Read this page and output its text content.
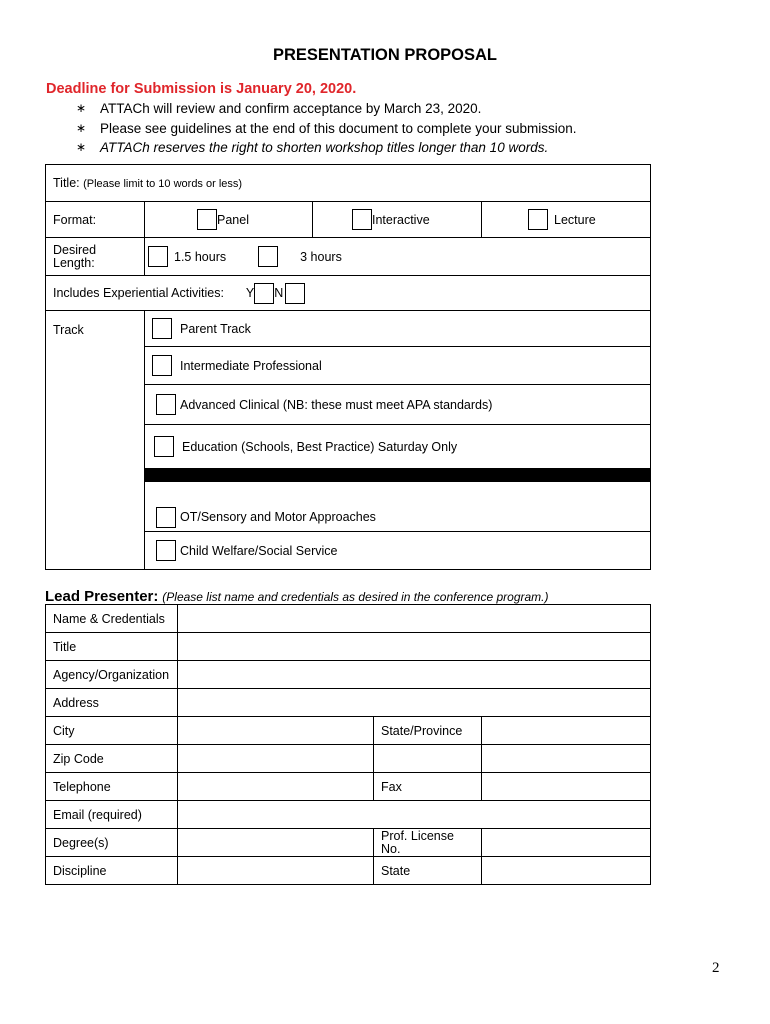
PRESENTATION PROPOSAL
Deadline for Submission is January 20, 2020.
∗ ATTACh will review and confirm acceptance by March 23, 2020.
∗ Please see guidelines at the end of this document to complete your submission.
∗ ATTACh reserves the right to shorten workshop titles longer than 10 words.
Title: (Please limit to 10 words or less)			
Format:	Panel	Interactive	Lecture

Desired
Length:	1.5 hours 3 hours		

Includes Experiential Activities: Y N			

Track	Parent Track		

	Intermediate Professional		

	Advanced Clinical (NB: these must meet APA standards)		

	Education (Schools, Best Practice) Saturday Only		

	OT/Sensory and Motor Approaches		

	Child Welfare/Social Service		
Lead Presenter: (Please list name and credentials as desired in the conference program.)
Name & Credentials			
Title			
Agency/Organization			
Address			
City		State/Province	
Zip Code			
Telephone		Fax	
Email (required)			
Degree(s)		Prof. License
No.	
Discipline		State	
2
